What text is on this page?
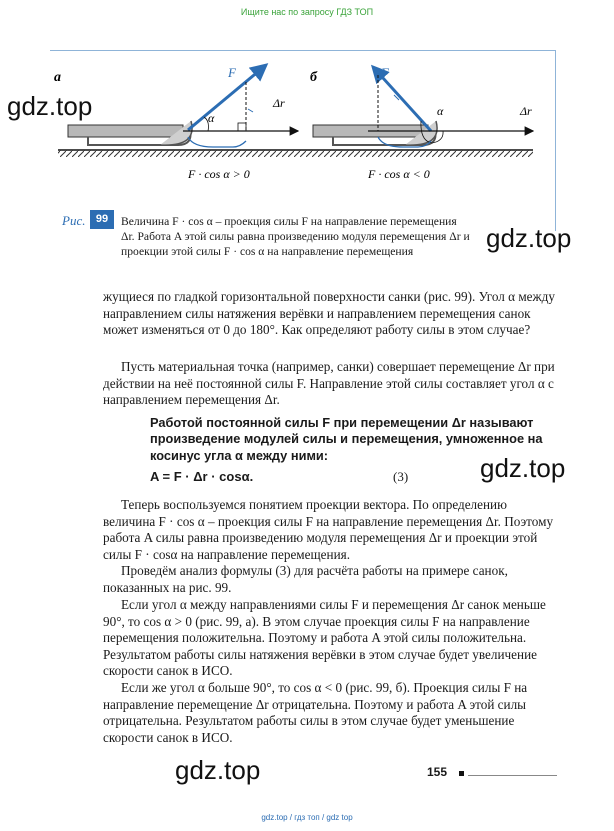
Ищите нас по запросу ГДЗ ТОП
а	б
F	F
Δr
Δr
α	α
F · cos α > 0	F · cos α < 0
Рис. 99	Величина F · cos α – проекция силы F на направление перемещения Δr. Работа A этой силы равна произведению модуля перемещения Δr и проекции этой силы F · cos α на направление перемещения
gdz.top
gdz.top
gdz.top
gdz.top
жущиеся по гладкой горизонтальной поверхности санки (рис. 99). Угол α между направлением силы натяжения верёвки и направлением перемещения санок может изменяться от 0 до 180°. Как определяют работу силы в этом случае?
Пусть материальная точка (например, санки) совершает перемещение Δr при действии на неё постоянной силы F. Направление этой силы составляет угол α с направлением перемещения Δr.
Работой постоянной силы F при перемещении Δr называют произведение модулей силы и перемещения, умноженное на косинус угла α между ними:
A = F · Δr · cosα.	(3)
Теперь воспользуемся понятием проекции вектора. По определению величина F · cos α – проекция силы F на направление перемещения Δr. Поэтому работа A силы равна произведению модуля перемещения Δr и проекции этой силы F · cosα на направление перемещения.
Проведём анализ формулы (3) для расчёта работы на примере санок, показанных на рис. 99.
Если угол α между направлениями силы F и перемещения Δr санок меньше 90°, то cos α > 0 (рис. 99, а). В этом случае проекция силы F на направление перемещения положительна. Поэтому и работа A этой силы положительна. Результатом работы силы натяжения верёвки в этом случае будет увеличение скорости санок в ИСО.
Если же угол α больше 90°, то cos α < 0 (рис. 99, б). Проекция силы F на направление перемещение Δr отрицательна. Поэтому и работа A этой силы отрицательна. Результатом работы силы в этом случае будет уменьшение скорости санок в ИСО.
155
gdz.top / гдз топ / gdz top
